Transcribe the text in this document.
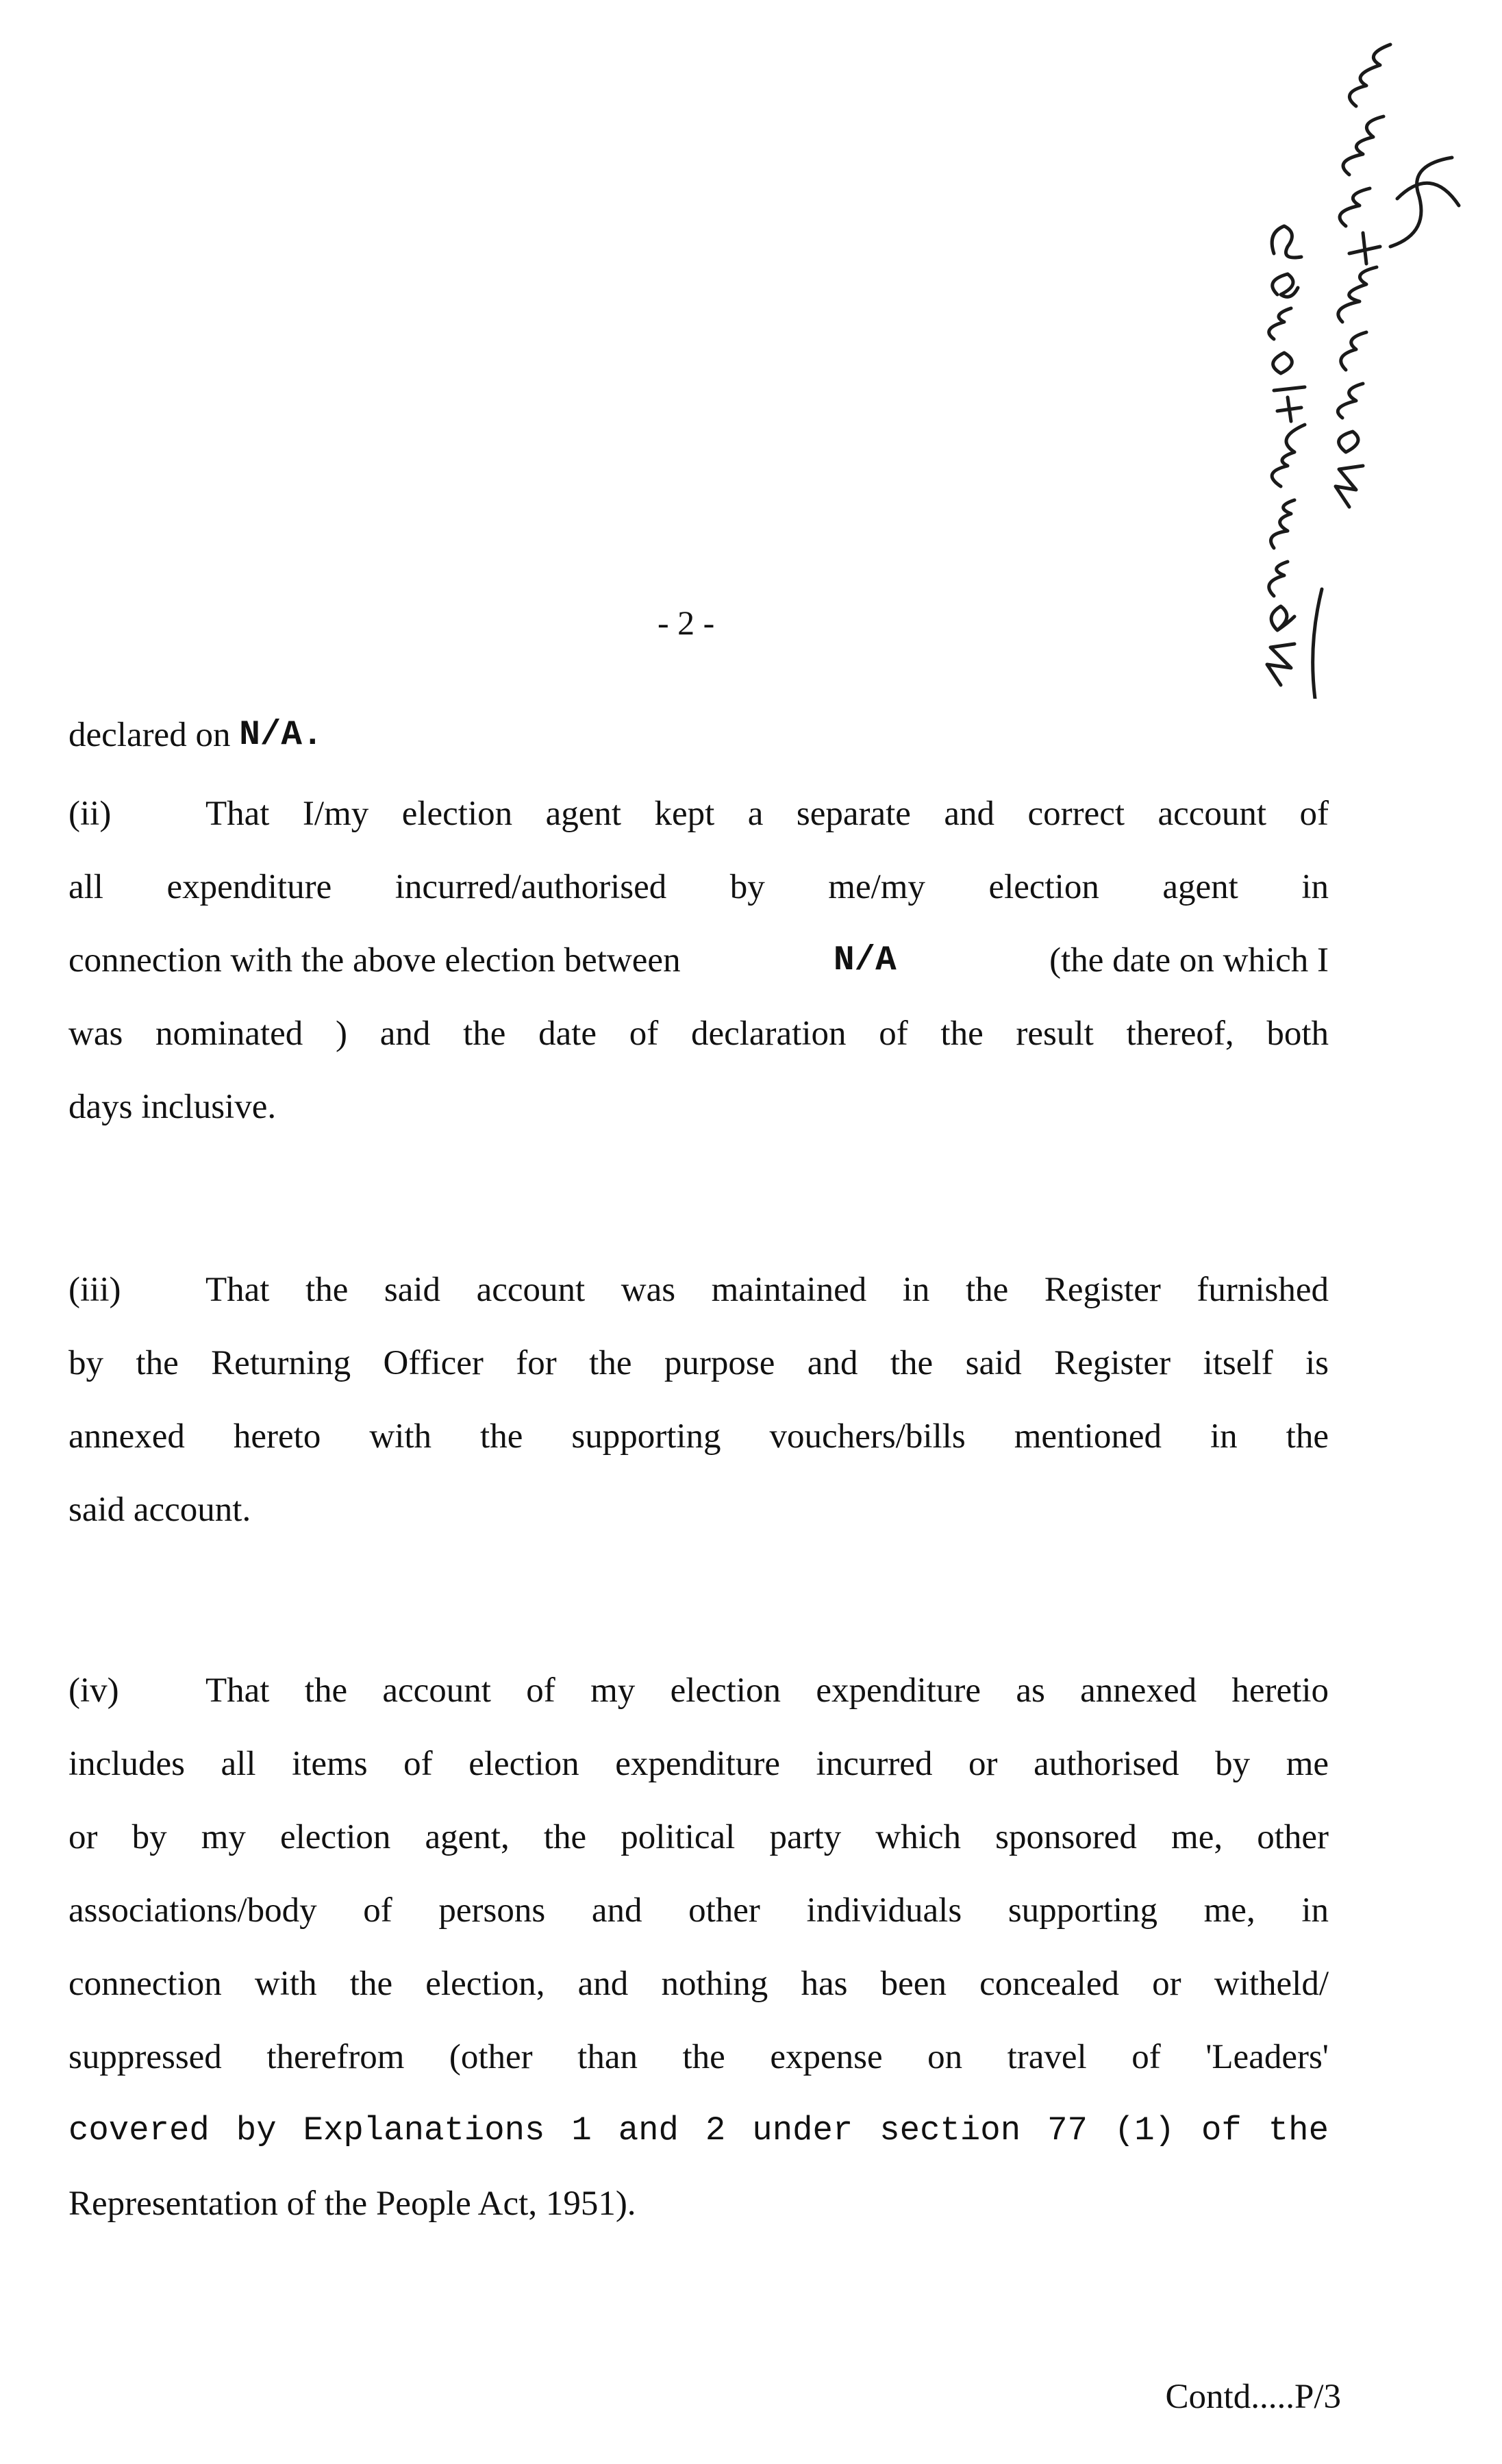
- 2 -
declared on
N/A.
(ii)	That I/my election agent kept a separate and correct account of
all expenditure incurred/authorised by me/my election agent in
connection with the above election between	N/A	(the date on which I
was nominated ) and the date of declaration of the result thereof, both
days inclusive.
(iii)	That the said account was maintained in the Register furnished
by the Returning Officer for the purpose and the said Register itself is
annexed hereto with the supporting vouchers/bills mentioned in the
said account.
(iv)	That the account of my election expenditure as annexed heretio
includes all items of election expenditure incurred or authorised by me
or by my election agent, the political party which sponsored me, other
associations/body of persons and other individuals supporting me, in
connection with the election, and nothing has been concealed or witheld/
suppressed therefrom (other than the expense on travel of 'Leaders'
covered by Explanations 1 and 2 under section 77 (1) of the
Representation of the People Act, 1951).
Contd.....P/3
